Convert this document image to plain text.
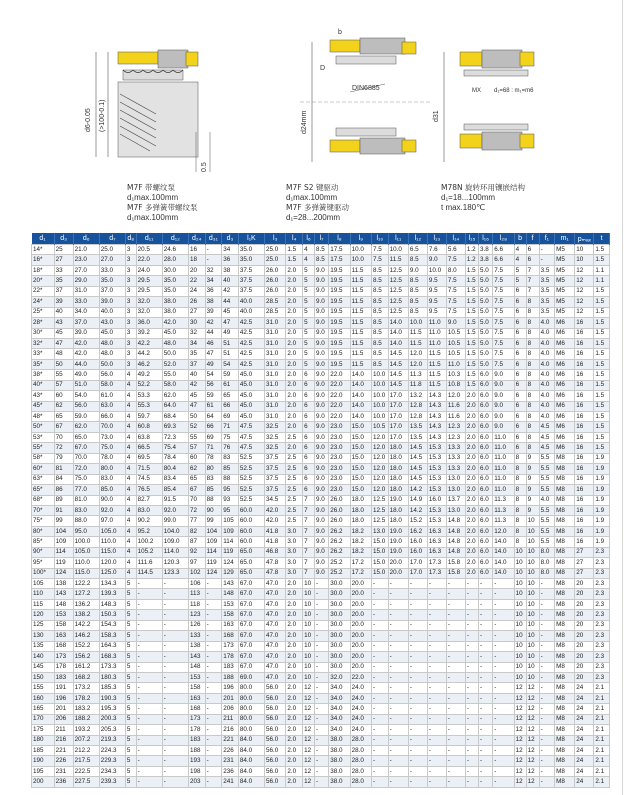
d6-0.05 (>100-0.1)
0.5
DIN6885
d24mm
D
b
MX d₁=68 : m₁=m6
d31
M7F 带螺纹泵
d₁max.100mm
M7F 多弹簧带螺纹泵
d₁max.100mm
M7F S2 键驱动
d₁max.100mm
M7F 多弹簧键驱动
d₁=28...200mm
M78N 旋转环用镶嵌结构
d₁=18...100mm
t max.180℃
d₁	d₃	d₆	d₇	d₈	d₁₁	d₁₂	d₂₄	d₃₁	d₃	l₁K	l₃	l₄	l₆	l₇	l₈	l₉	l₁₀	l₁₁	l₁₂	l₁₃	l₁₄	l₁₅	l₁₆	l₂₈	b	f	f₁	m₁	pₘₐₓ	t
14*	25	21.0	25.0	3	20.5	24.6	16	-	34	35.0	25.0	1.5	4	8.5	17.5	10.0	7.5	10.0	6.5	7.6	5.6	1.2	3.8	6.6	4	6	-	M5	10	1.5
16*	27	23.0	27.0	3	22.0	28.0	18	-	36	35.0	25.0	1.5	4	8.5	17.5	10.0	7.5	11.5	8.5	9.0	7.5	1.2	3.8	6.6	4	6	-	M5	10	1.5
18*	33	27.0	33.0	3	24.0	30.0	20	32	38	37.5	26.0	2.0	5	9.0	19.5	11.5	8.5	12.5	9.0	10.0	8.0	1.5	5.0	7.5	5	7	3.5	M5	12	1.1
20*	35	29.0	35.0	3	29.5	35.0	22	34	40	37.5	26.0	2.0	5	9.0	19.5	11.5	8.5	12.5	8.5	9.5	7.5	1.5	5.0	7.5	5	7	3.5	M5	12	1.1
22*	37	31.0	37.0	3	29.5	35.0	24	36	42	37.5	26.0	2.0	5	9.0	19.5	11.5	8.5	12.5	8.5	9.5	7.5	1.5	5.0	7.5	6	7	3.5	M5	12	1.5
24*	39	33.0	39.0	3	32.0	38.0	26	38	44	40.0	28.5	2.0	5	9.0	19.5	11.5	8.5	12.5	8.5	9.5	7.5	1.5	5.0	7.5	6	8	3.5	M5	12	1.5
25*	40	34.0	40.0	3	32.0	38.0	27	39	45	40.0	28.5	2.0	5	9.0	19.5	11.5	8.5	12.5	8.5	9.5	7.5	1.5	5.0	7.5	6	8	3.5	M5	12	1.5
28*	43	37.0	43.0	3	36.0	42.0	30	42	47	42.5	31.0	2.0	5	9.0	19.5	11.5	8.5	14.0	10.0	11.0	9.0	1.5	5.0	7.5	6	8	4.0	M6	16	1.5
30*	45	39.0	45.0	3	39.2	45.0	32	44	49	42.5	31.0	2.0	5	9.0	19.5	11.5	8.5	14.0	11.5	11.0	10.5	1.5	5.0	7.5	6	8	4.0	M6	16	1.5
32*	47	42.0	48.0	3	42.2	48.0	34	46	51	42.5	31.0	2.0	5	9.0	19.5	11.5	8.5	14.0	11.5	11.0	10.5	1.5	5.0	7.5	6	8	4.0	M6	16	1.5
33*	48	42.0	48.0	3	44.2	50.0	35	47	51	42.5	31.0	2.0	5	9.0	19.5	11.5	8.5	14.5	12.0	11.5	10.5	1.5	5.0	7.5	6	8	4.0	M6	16	1.5
35*	50	44.0	50.0	3	46.2	52.0	37	49	54	42.5	31.0	2.0	5	9.0	19.5	11.5	8.5	14.5	12.0	11.5	11.0	1.5	5.0	7.5	6	8	4.0	M6	16	1.5
38*	55	49.0	56.0	4	49.2	55.0	40	54	59	45.0	31.0	2.0	6	9.0	22.0	14.0	10.0	14.5	11.3	11.5	10.3	1.5	6.0	9.0	6	8	4.0	M6	16	1.5
40*	57	51.0	58.0	4	52.2	58.0	42	56	61	45.0	31.0	2.0	6	9.0	22.0	14.0	10.0	14.5	11.8	11.5	10.8	1.5	6.0	9.0	6	8	4.0	M6	16	1.5
43*	60	54.0	61.0	4	53.3	62.0	45	59	65	45.0	31.0	2.0	6	9.0	22.0	14.0	10.0	17.0	13.2	14.3	12.0	2.0	6.0	9.0	6	8	4.0	M6	16	1.5
45*	62	56.0	63.0	4	55.3	64.0	47	61	66	45.0	31.0	2.0	6	9.0	22.0	14.0	10.0	17.0	12.8	14.3	11.6	2.0	6.0	9.0	6	8	4.0	M6	16	1.5
48*	65	59.0	66.0	4	59.7	68.4	50	64	69	45.0	31.0	2.0	6	9.0	22.0	14.0	10.0	17.0	12.8	14.3	11.6	2.0	6.0	9.0	6	8	4.0	M6	16	1.5
50*	67	62.0	70.0	4	60.8	69.3	52	66	71	47.5	32.5	2.0	6	9.0	23.0	15.0	10.5	17.0	13.5	14.3	12.3	2.0	6.0	9.0	6	8	4.5	M6	16	1.5
53*	70	65.0	73.0	4	63.8	72.3	55	69	75	47.5	32.5	2.5	6	9.0	23.0	15.0	12.0	17.0	13.5	14.3	12.3	2.0	6.0	11.0	6	8	4.5	M6	16	1.5
55*	72	67.0	75.0	4	66.5	75.4	57	71	76	47.5	32.5	2.0	6	9.0	23.0	15.0	12.0	18.0	14.5	15.3	13.3	2.0	6.0	11.0	6	8	4.5	M6	16	1.5
58*	79	70.0	78.0	4	69.5	78.4	60	78	83	52.5	37.5	2.5	6	9.0	23.0	15.0	12.0	18.0	14.5	15.3	13.3	2.0	6.0	11.0	8	9	5.5	M8	16	1.9
60*	81	72.0	80.0	4	71.5	80.4	62	80	85	52.5	37.5	2.5	6	9.0	23.0	15.0	12.0	18.0	14.5	15.3	13.3	2.0	6.0	11.0	8	9	5.5	M8	16	1.9
63*	84	75.0	83.0	4	74.5	83.4	65	83	88	52.5	37.5	2.5	6	9.0	23.0	15.0	12.0	18.0	14.5	15.3	13.0	2.0	6.0	11.0	8	9	5.5	M8	16	1.9
65*	86	77.0	85.0	4	76.5	85.4	67	85	95	52.5	37.5	2.5	6	9.0	23.0	15.0	12.0	18.0	14.2	15.3	13.0	2.0	6.0	11.0	8	9	5.5	M8	16	1.9
68*	89	81.0	90.0	4	82.7	91.5	70	88	93	52.5	34.5	2.5	7	9.0	26.0	18.0	12.5	19.0	14.9	16.0	13.7	2.0	6.0	11.3	8	9	4.0	M8	16	1.9
70*	91	83.0	92.0	4	83.0	92.0	72	90	95	60.0	42.0	2.5	7	9.0	26.0	18.0	12.5	18.0	14.2	15.3	13.0	2.0	6.0	11.3	8	9	5.5	M8	16	1.9
75*	99	88.0	97.0	4	90.2	99.0	77	99	105	60.0	42.0	2.5	7	9.0	26.0	18.0	12.5	18.0	15.2	15.3	14.8	2.0	6.0	11.3	8	10	5.5	M8	16	1.9
80*	104	95.0	105.0	4	95.2	104.0	82	104	109	60.0	41.8	3.0	7	9.0	26.2	18.2	13.0	19.0	16.2	16.3	14.8	2.0	6.0	12.0	8	10	5.5	M8	16	1.9
85*	109	100.0	110.0	4	100.2	109.0	87	109	114	60.0	41.8	3.0	7	9.0	26.2	18.2	15.0	19.0	16.0	16.3	14.8	2.0	6.0	14.0	8	10	5.5	M8	16	1.9
90*	114	105.0	115.0	4	105.2	114.0	92	114	119	65.0	46.8	3.0	7	9.0	26.2	18.2	15.0	19.0	16.0	16.3	14.8	2.0	6.0	14.0	10	10	8.0	M8	27	2.3
95*	119	110.0	120.0	4	111.6	120.3	97	119	124	65.0	47.8	3.0	7	9.0	25.2	17.2	15.0	20.0	17.0	17.3	15.8	2.0	6.0	14.0	10	10	8.0	M8	27	2.3
100*	124	115.0	125.0	4	114.5	123.3	102	124	129	65.0	47.8	3.0	7	9.0	25.2	17.2	15.0	20.0	17.0	17.3	15.8	2.0	6.0	14.0	10	10	8.0	M8	27	2.3
105	138	122.2	134.3	5	-	-	106	-	143	67.0	47.0	2.0	10	-	30.0	20.0	-	-	-	-	-	-	-	-	10	10	-	M8	20	2.3
110	143	127.2	139.3	5	-	-	113	-	148	67.0	47.0	2.0	10	-	30.0	20.0	-	-	-	-	-	-	-	-	10	10	-	M8	20	2.3
115	148	136.2	148.3	5	-	-	118	-	153	67.0	47.0	2.0	10	-	30.0	20.0	-	-	-	-	-	-	-	-	10	10	-	M8	20	2.3
120	153	138.2	150.3	5	-	-	123	-	158	67.0	47.0	2.0	10	-	30.0	20.0	-	-	-	-	-	-	-	-	10	10	-	M8	20	2.3
125	158	142.2	154.3	5	-	-	126	-	163	67.0	47.0	2.0	10	-	30.0	20.0	-	-	-	-	-	-	-	-	10	10	-	M8	20	2.3
130	163	146.2	158.3	5	-	-	133	-	168	67.0	47.0	2.0	10	-	30.0	20.0	-	-	-	-	-	-	-	-	10	10	-	M8	20	2.3
135	168	152.2	164.3	5	-	-	138	-	173	67.0	47.0	2.0	10	-	30.0	20.0	-	-	-	-	-	-	-	-	10	10	-	M8	20	2.3
140	173	156.2	168.3	5	-	-	143	-	178	67.0	47.0	2.0	10	-	30.0	20.0	-	-	-	-	-	-	-	-	10	10	-	M8	20	2.3
145	178	161.2	173.3	5	-	-	148	-	183	67.0	47.0	2.0	10	-	30.0	20.0	-	-	-	-	-	-	-	-	10	10	-	M8	20	2.3
150	183	168.2	180.3	5	-	-	153	-	188	69.0	47.0	2.0	10	-	32.0	22.0	-	-	-	-	-	-	-	-	10	10	-	M8	20	2.3
155	191	173.2	185.3	5	-	-	158	-	196	80.0	56.0	2.0	12	-	34.0	24.0	-	-	-	-	-	-	-	-	12	12	-	M8	24	2.1
160	196	178.2	190.3	5	-	-	163	-	201	80.0	56.0	2.0	12	-	34.0	24.0	-	-	-	-	-	-	-	-	12	12	-	M8	24	2.1
165	201	183.2	195.3	5	-	-	168	-	206	80.0	56.0	2.0	12	-	34.0	24.0	-	-	-	-	-	-	-	-	12	12	-	M8	24	2.1
170	206	188.2	200.3	5	-	-	173	-	211	80.0	56.0	2.0	12	-	34.0	24.0	-	-	-	-	-	-	-	-	12	12	-	M8	24	2.1
175	211	193.2	205.3	5	-	-	178	-	216	80.0	56.0	2.0	12	-	34.0	24.0	-	-	-	-	-	-	-	-	12	12	-	M8	24	2.1
180	216	207.2	219.3	5	-	-	183	-	221	84.0	56.0	2.0	12	-	38.0	28.0	-	-	-	-	-	-	-	-	12	12	-	M8	24	2.1
185	221	212.2	224.3	5	-	-	188	-	226	84.0	56.0	2.0	12	-	38.0	28.0	-	-	-	-	-	-	-	-	12	12	-	M8	24	2.1
190	226	217.5	229.3	5	-	-	193	-	231	84.0	56.0	2.0	12	-	38.0	28.0	-	-	-	-	-	-	-	-	12	12	-	M8	24	2.1
195	231	222.5	234.3	5	-	-	198	-	236	84.0	56.0	2.0	12	-	38.0	28.0	-	-	-	-	-	-	-	-	12	12	-	M8	24	2.1
200	236	227.5	239.3	5	-	-	203	-	241	84.0	56.0	2.0	12	-	38.0	28.0	-	-	-	-	-	-	-	-	12	12	-	M8	24	2.1
